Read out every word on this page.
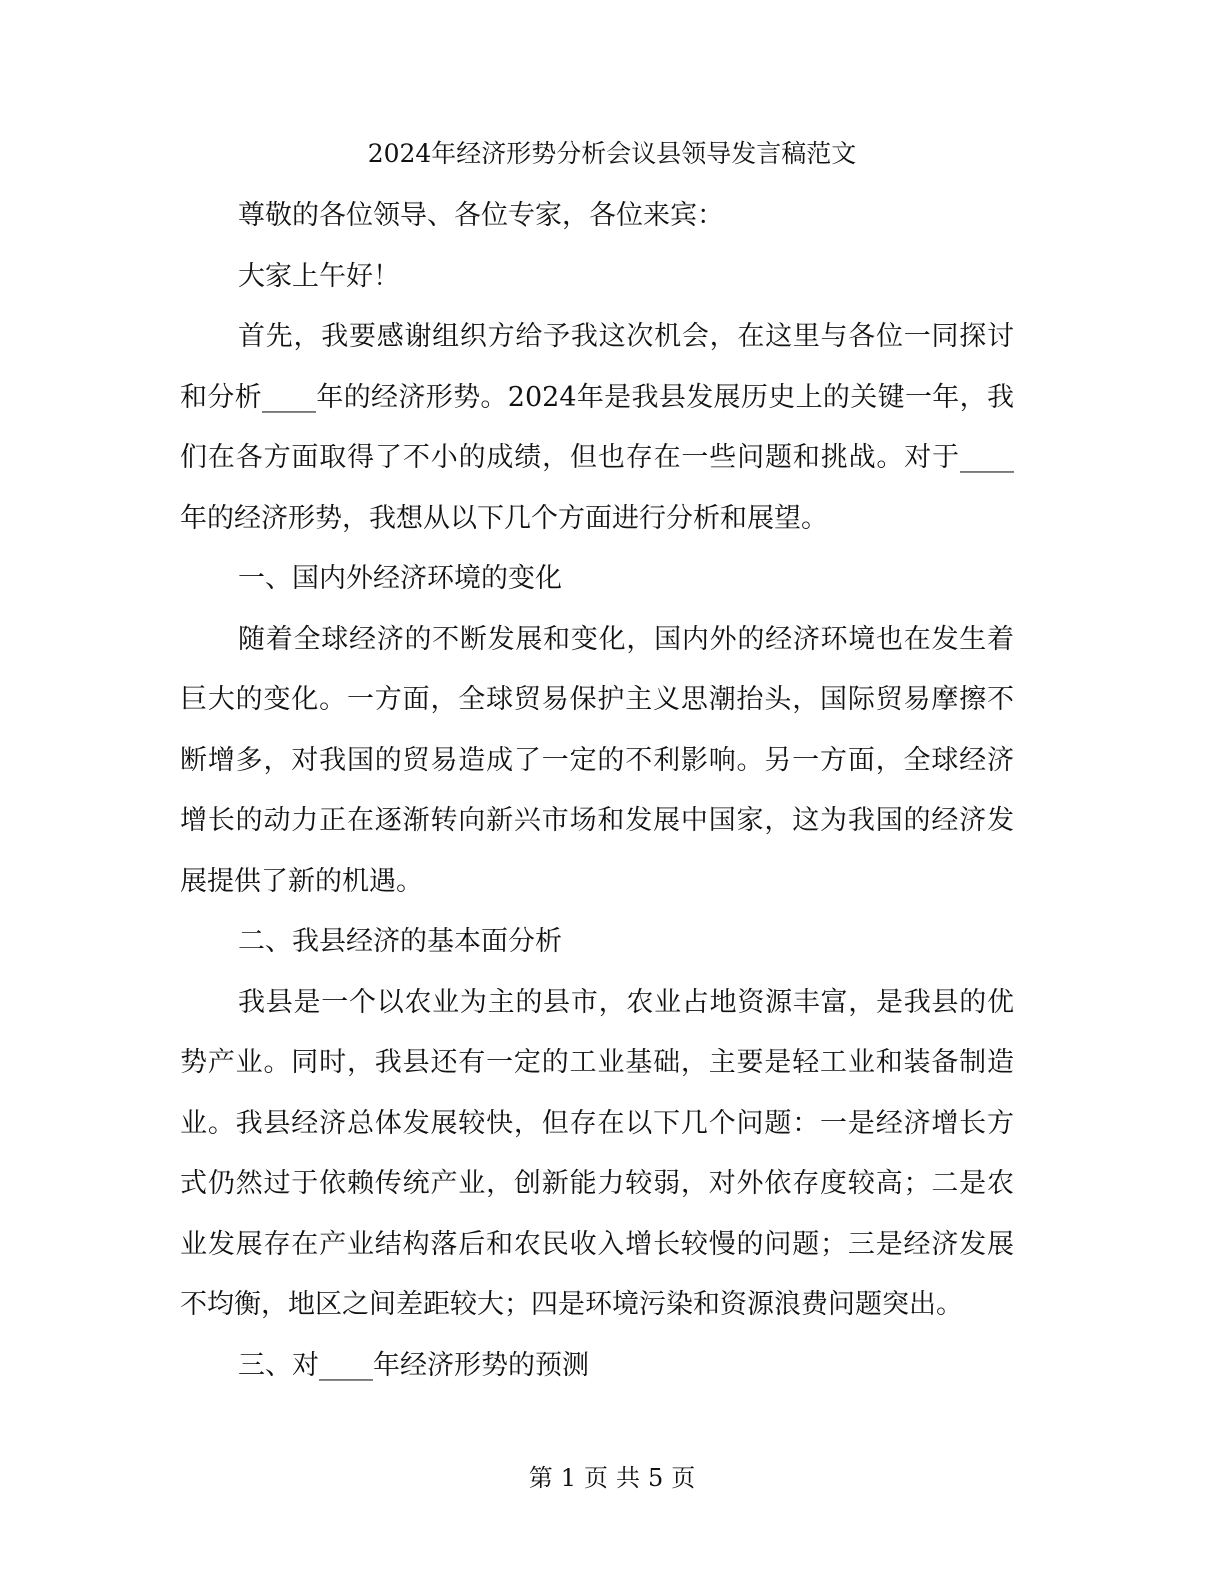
2024年经济形势分析会议县领导发言稿范文
尊敬的各位领导、各位专家，各位来宾：
大家上午好！
首先，我要感谢组织方给予我这次机会，在这里与各位一同探讨
和分析____年的经济形势。2024年是我县发展历史上的关键一年，我
们在各方面取得了不小的成绩，但也存在一些问题和挑战。对于____
年的经济形势，我想从以下几个方面进行分析和展望。
一、国内外经济环境的变化
随着全球经济的不断发展和变化，国内外的经济环境也在发生着
巨大的变化。一方面，全球贸易保护主义思潮抬头，国际贸易摩擦不
断增多，对我国的贸易造成了一定的不利影响。另一方面，全球经济
增长的动力正在逐渐转向新兴市场和发展中国家，这为我国的经济发
展提供了新的机遇。
二、我县经济的基本面分析
我县是一个以农业为主的县市，农业占地资源丰富，是我县的优
势产业。同时，我县还有一定的工业基础，主要是轻工业和装备制造
业。我县经济总体发展较快，但存在以下几个问题：一是经济增长方
式仍然过于依赖传统产业，创新能力较弱，对外依存度较高；二是农
业发展存在产业结构落后和农民收入增长较慢的问题；三是经济发展
不均衡，地区之间差距较大；四是环境污染和资源浪费问题突出。
三、对____年经济形势的预测
第 1 页 共 5 页
